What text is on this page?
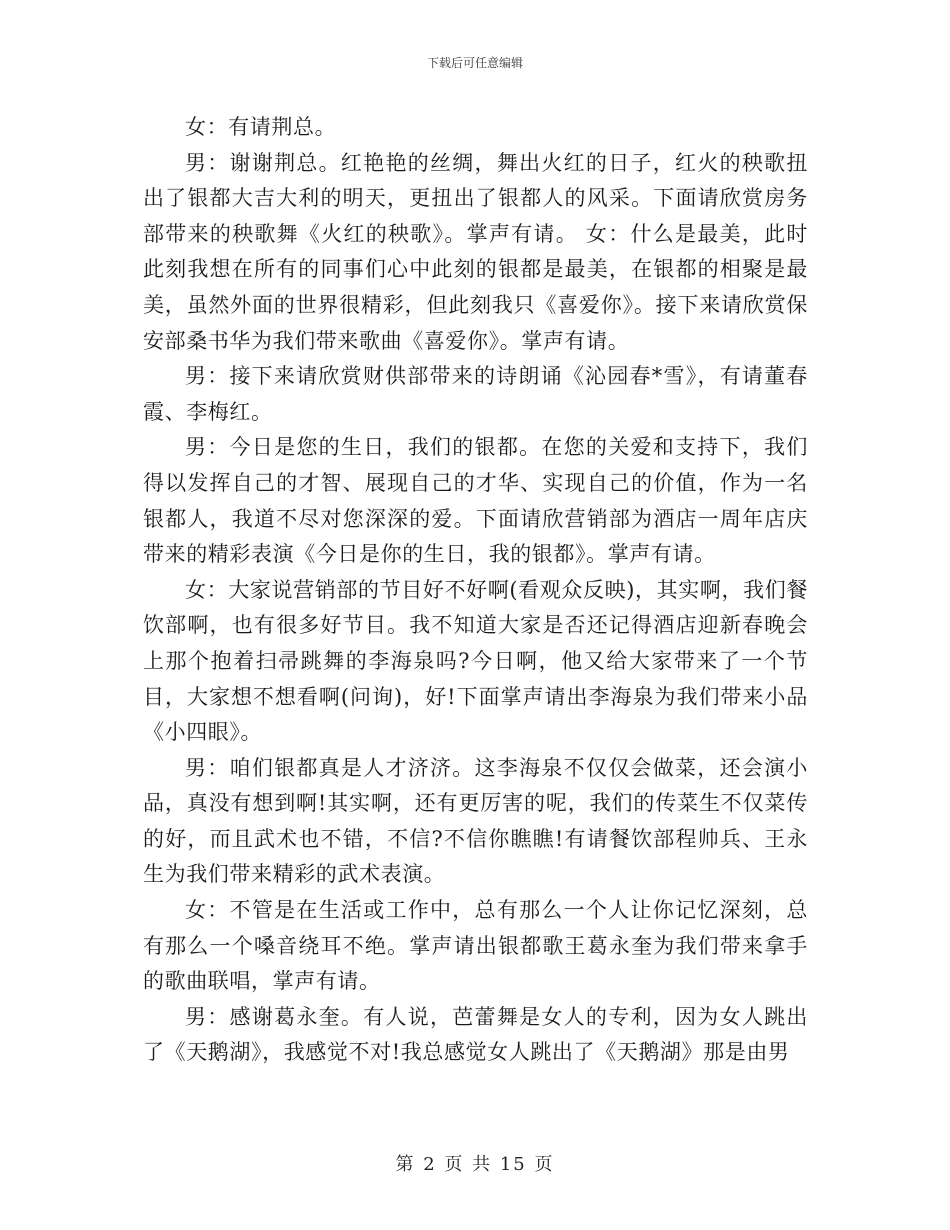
下载后可任意编辑

女：有请荆总。

男：谢谢荆总。红艳艳的丝绸，舞出火红的日子，红火的秧歌扭出了银都大吉大利的明天，更扭出了银都人的风采。下面请欣赏房务部带来的秧歌舞《火红的秧歌》。掌声有请。 女：什么是最美，此时此刻我想在所有的同事们心中此刻的银都是最美，在银都的相聚是最美，虽然外面的世界很精彩，但此刻我只《喜爱你》。接下来请欣赏保安部桑书华为我们带来歌曲《喜爱你》。掌声有请。

男：接下来请欣赏财供部带来的诗朗诵《沁园春*雪》，有请董春霞、李梅红。

男：今日是您的生日，我们的银都。在您的关爱和支持下，我们得以发挥自己的才智、展现自己的才华、实现自己的价值，作为一名银都人，我道不尽对您深深的爱。下面请欣营销部为酒店一周年店庆带来的精彩表演《今日是你的生日，我的银都》。掌声有请。

女：大家说营销部的节目好不好啊(看观众反映)，其实啊，我们餐饮部啊，也有很多好节目。我不知道大家是否还记得酒店迎新春晚会上那个抱着扫帚跳舞的李海泉吗?今日啊，他又给大家带来了一个节目，大家想不想看啊(问询)，好!下面掌声请出李海泉为我们带来小品《小四眼》。

男：咱们银都真是人才济济。这李海泉不仅仅会做菜，还会演小品，真没有想到啊!其实啊，还有更厉害的呢，我们的传菜生不仅菜传的好，而且武术也不错，不信?不信你瞧瞧!有请餐饮部程帅兵、王永生为我们带来精彩的武术表演。

女：不管是在生活或工作中，总有那么一个人让你记忆深刻，总有那么一个嗓音绕耳不绝。掌声请出银都歌王葛永奎为我们带来拿手的歌曲联唱，掌声有请。

男：感谢葛永奎。有人说，芭蕾舞是女人的专利，因为女人跳出了《天鹅湖》，我感觉不对!我总感觉女人跳出了《天鹅湖》那是由男

第 2 页 共 15 页
